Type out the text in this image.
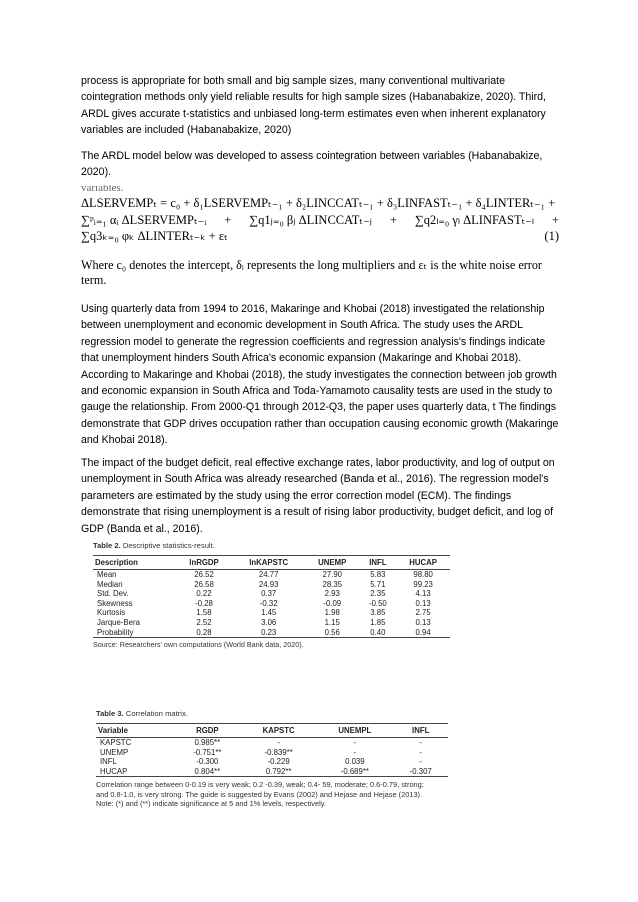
process is appropriate for both small and big sample sizes, many conventional multivariate cointegration methods only yield reliable results for high sample sizes (Habanabakize, 2020). Third, ARDL gives accurate t-statistics and unbiased long-term estimates even when inherent explanatory variables are included (Habanabakize, 2020)

The ARDL model below was developed to assess cointegration between variables (Habanabakize, 2020).

variables.
ΔLSERVEMPₜ = c₀ + δ₁LSERVEMPₜ₋₁ + δ₂LINCCATₜ₋₁ + δ₃LINFASTₜ₋₁ + δ₄LINTERₜ₋₁ +
∑ᵖᵢ₌₁ αᵢ ΔLSERVEMPₜ₋ᵢ + ∑q1ⱼ₌₀ βⱼ ΔLINCCATₜ₋ⱼ + ∑q2ₗ₌₀ γₗ ΔLINFASTₜ₋ₗ +
∑q3ₖ₌₀ φₖ ΔLINTERₜ₋ₖ + εₜ	(1)
Where c₀ denotes the intercept, δᵢ represents the long multipliers and εₜ is the white noise error term.

Using quarterly data from 1994 to 2016, Makaringe and Khobai (2018) investigated the relationship between unemployment and economic development in South Africa. The study uses the ARDL regression model to generate the regression coefficients and regression analysis's findings indicate that unemployment hinders South Africa's economic expansion (Makaringe and Khobai 2018). According to Makaringe and Khobai (2018), the study investigates the connection between job growth and economic expansion in South Africa and Toda-Yamamoto causality tests are used in the study to gauge the relationship. From 2000-Q1 through 2012-Q3, the paper uses quarterly data, t The findings demonstrate that GDP drives occupation rather than occupation causing economic growth (Makaringe and Khobai 2018).

The impact of the budget deficit, real effective exchange rates, labor productivity, and log of output on unemployment in South Africa was already researched (Banda et al., 2016). The regression model's parameters are estimated by the study using the error correction model (ECM). The findings demonstrate that rising unemployment is a result of rising labor productivity, budget deficit, and log of GDP (Banda et al., 2016).

Table 2. Descriptive statistics-result.
Description	lnRGDP	lnKAPSTC	UNEMP	INFL	HUCAP
Mean	26.52	24.77	27.90	5.83	98.80
Median	26.58	24.93	28.35	5.71	99.23
Std. Dev.	0.22	0.37	2.93	2.35	4.13
Skewness	-0.28	-0.32	-0.09	-0.50	0.13
Kurtosis	1.58	1.45	1.98	3.85	2.75
Jarque-Bera	2.52	3.06	1.15	1.85	0.13
Probability	0.28	0.23	0.56	0.40	0.94
Source: Researchers' own computations (World Bank data, 2020).
Table 3. Correlation matrix.
Variable	RGDP	KAPSTC	UNEMPL	INFL
KAPSTC	0.985**	-	-	-
UNEMP	-0.751**	-0.839**	-	-
INFL	-0.300	-0.229	0.039	-
HUCAP	0.804**	0.792**	-0.689**	-0.307
Correlation range between 0-0.19 is very weak; 0.2 -0.39, weak; 0.4- 59, moderate; 0.6-0.79, strong; and 0.8-1.0, is very strong. The guide is suggested by Evans (2002) and Hejase and Hejase (2013). Note: (*) and (**) indicate significance at 5 and 1% levels, respectively.
